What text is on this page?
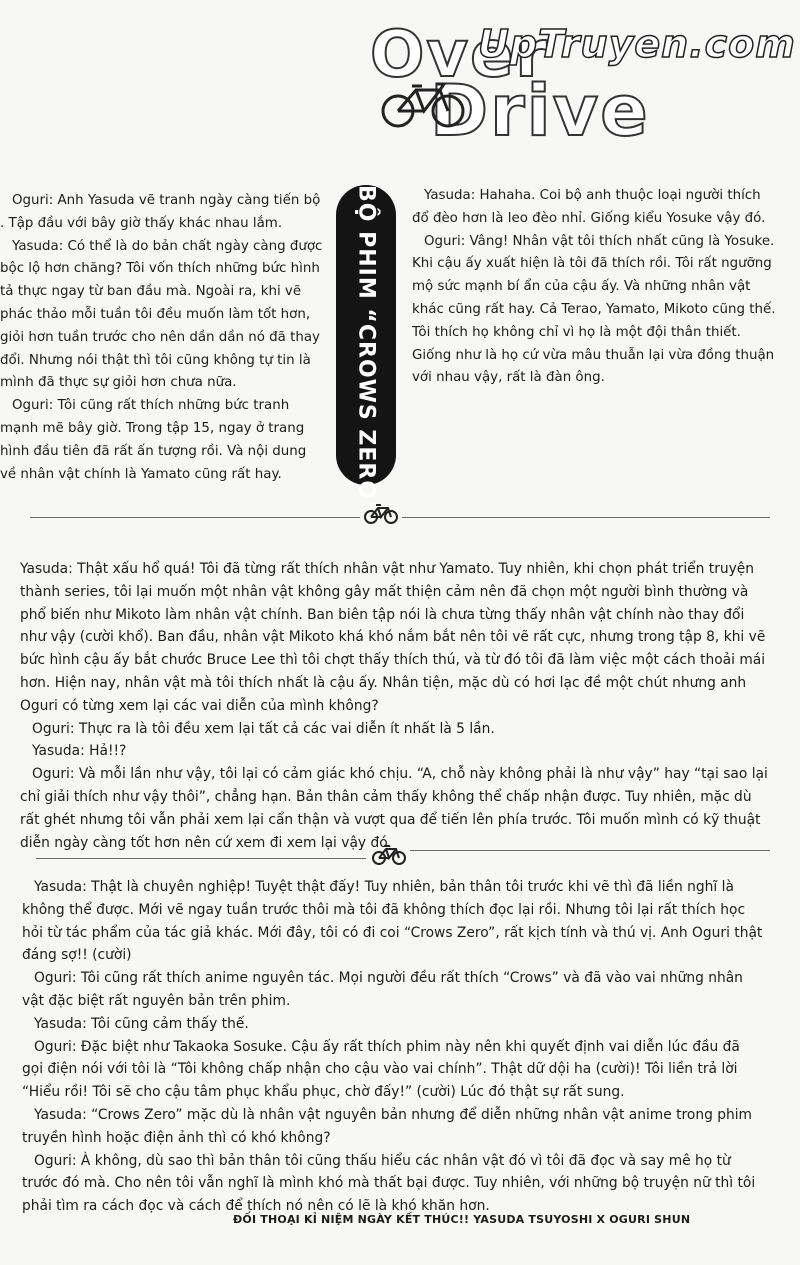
Over
Drive
UpTruyen.com

Oguri: Anh Yasuda vẽ tranh ngày càng tiến bộ . Tập đầu với bây giờ thấy khác nhau lắm.

Yasuda: Có thể là do bản chất ngày càng được bộc lộ hơn chăng? Tôi vốn thích những bức hình tả thực ngay từ ban đầu mà. Ngoài ra, khi vẽ phác thảo mỗi tuần tôi đều muốn làm tốt hơn, giỏi hơn tuần trước cho nên dần dần nó đã thay đổi. Nhưng nói thật thì tôi cũng không tự tin là mình đã thực sự giỏi hơn chưa nữa.

Oguri: Tôi cũng rất thích những bức tranh mạnh mẽ bây giờ. Trong tập 15, ngay ở trang hình đầu tiên đã rất ấn tượng rồi. Và nội dung về nhân vật chính là Yamato cũng rất hay.	BỘ PHIM “CROWS ZERO”	Yasuda: Hahaha. Coi bộ anh thuộc loại người thích đổ đèo hơn là leo đèo nhỉ. Giống kiểu Yosuke vậy đó.

Oguri: Vâng! Nhân vật tôi thích nhất cũng là Yosuke. Khi cậu ấy xuất hiện là tôi đã thích rồi. Tôi rất ngưỡng mộ sức mạnh bí ẩn của cậu ấy. Và những nhân vật khác cũng rất hay. Cả Terao, Yamato, Mikoto cũng thế. Tôi thích họ không chỉ vì họ là một đội thân thiết. Giống như là họ cứ vừa mâu thuẫn lại vừa đồng thuận với nhau vậy, rất là đàn ông.

Yasuda: Thật xấu hổ quá! Tôi đã từng rất thích nhân vật như Yamato. Tuy nhiên, khi chọn phát triển truyện thành series, tôi lại muốn một nhân vật không gây mất thiện cảm nên đã chọn một người bình thường và phổ biến như Mikoto làm nhân vật chính. Ban biên tập nói là chưa từng thấy nhân vật chính nào thay đổi như vậy (cười khổ). Ban đầu, nhân vật Mikoto khá khó nắm bắt nên tôi vẽ rất cực, nhưng trong tập 8, khi vẽ bức hình cậu ấy bắt chước Bruce Lee thì tôi chợt thấy thích thú, và từ đó tôi đã làm việc một cách thoải mái hơn. Hiện nay, nhân vật mà tôi thích nhất là cậu ấy. Nhân tiện, mặc dù có hơi lạc đề một chút nhưng anh Oguri có từng xem lại các vai diễn của mình không?

Oguri: Thực ra là tôi đều xem lại tất cả các vai diễn ít nhất là 5 lần.

Yasuda: Hả!!?

Oguri: Và mỗi lần như vậy, tôi lại có cảm giác khó chịu. “A, chỗ này không phải là như vậy” hay “tại sao lại chỉ giải thích như vậy thôi”, chẳng hạn. Bản thân cảm thấy không thể chấp nhận được. Tuy nhiên, mặc dù rất ghét nhưng tôi vẫn phải xem lại cẩn thận và vượt qua để tiến lên phía trước. Tôi muốn mình có kỹ thuật diễn ngày càng tốt hơn nên cứ xem đi xem lại vậy đó.

Yasuda: Thật là chuyên nghiệp! Tuyệt thật đấy! Tuy nhiên, bản thân tôi trước khi vẽ thì đã liền nghĩ là không thể được. Mới vẽ ngay tuần trước thôi mà tôi đã không thích đọc lại rồi. Nhưng tôi lại rất thích học hỏi từ tác phẩm của tác giả khác. Mới đây, tôi có đi coi “Crows Zero”, rất kịch tính và thú vị. Anh Oguri thật đáng sợ!! (cười)

Oguri: Tôi cũng rất thích anime nguyên tác. Mọi người đều rất thích “Crows” và đã vào vai những nhân vật đặc biệt rất nguyên bản trên phim.

Yasuda: Tôi cũng cảm thấy thế.

Oguri: Đặc biệt như Takaoka Sosuke. Cậu ấy rất thích phim này nên khi quyết định vai diễn lúc đầu đã gọi điện nói với tôi là “Tôi không chấp nhận cho cậu vào vai chính”. Thật dữ dội ha (cười)! Tôi liền trả lời “Hiểu rồi! Tôi sẽ cho cậu tâm phục khẩu phục, chờ đấy!” (cười) Lúc đó thật sự rất sung.

Yasuda: “Crows Zero” mặc dù là nhân vật nguyên bản nhưng để diễn những nhân vật anime trong phim truyền hình hoặc điện ảnh thì có khó không?

Oguri: À không, dù sao thì bản thân tôi cũng thấu hiểu các nhân vật đó vì tôi đã đọc và say mê họ từ trước đó mà. Cho nên tôi vẫn nghĩ là mình khó mà thất bại được. Tuy nhiên, với những bộ truyện nữ thì tôi phải tìm ra cách đọc và cách để thích nó nên có lẽ là khó khăn hơn.

ĐỐI THOẠI KỈ NIỆM NGÀY KẾT THÚC!! YASUDA TSUYOSHI X OGURI SHUN
